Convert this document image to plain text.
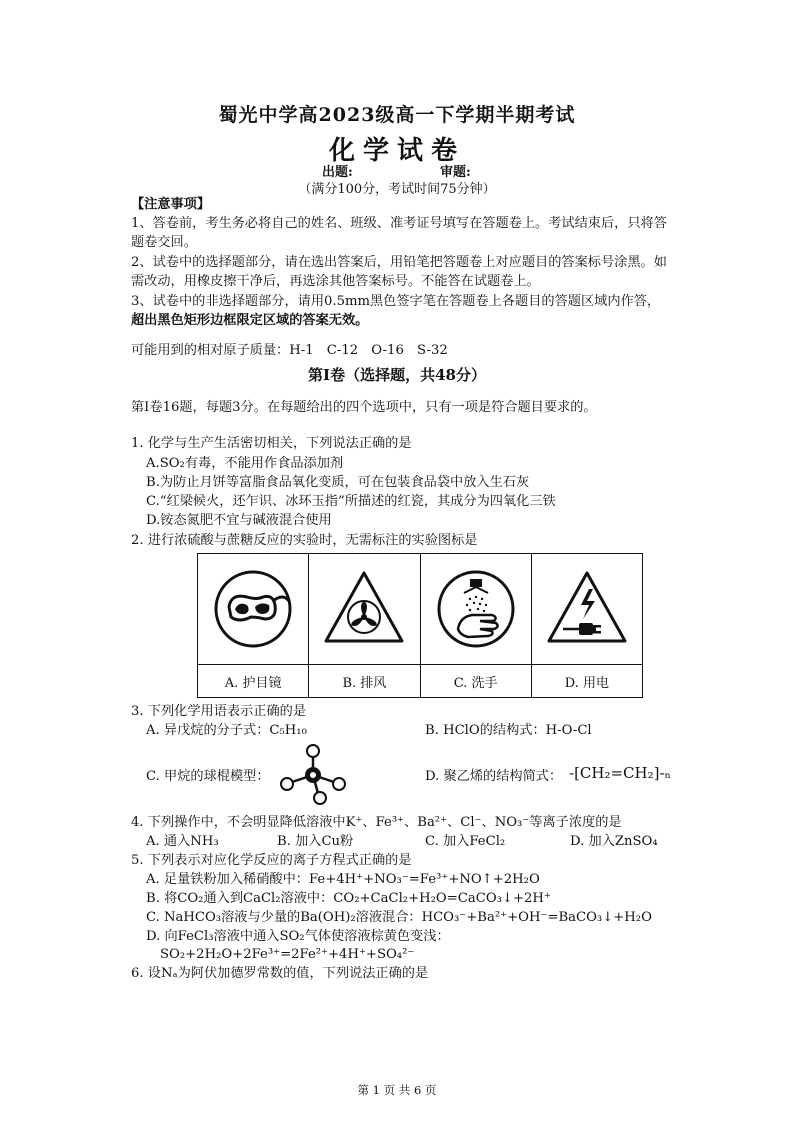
蜀光中学高2023级高一下学期半期考试
化学试卷
出题:	审题:
（满分100分，考试时间75分钟）
【注意事项】
1、答卷前，考生务必将自己的姓名、班级、准考证号填写在答题卷上。考试结束后，只将答
题卷交回。
2、试卷中的选择题部分，请在选出答案后，用铅笔把答题卷上对应题目的答案标号涂黑。如
需改动，用橡皮擦干净后，再选涂其他答案标号。不能答在试题卷上。
3、试卷中的非选择题部分，请用0.5mm黑色签字笔在答题卷上各题目的答题区域内作答，
超出黑色矩形边框限定区域的答案无效。
可能用到的相对原子质量：H-1　C-12　O-16　S-32
第Ⅰ卷（选择题，共48分）
第Ⅰ卷16题，每题3分。在每题给出的四个选项中，只有一项是符合题目要求的。
1. 化学与生产生活密切相关，下列说法正确的是
A.SO₂有毒，不能用作食品添加剂
B.为防止月饼等富脂食品氧化变质，可在包装食品袋中放入生石灰
C.“红梁候火，还乍识、冰环玉指”所描述的红瓷，其成分为四氧化三铁
D.铵态氮肥不宜与碱液混合使用
2. 进行浓硫酸与蔗糖反应的实验时，无需标注的实验图标是
A. 护目镜	B. 排风	C. 洗手	D. 用电
3. 下列化学用语表示正确的是
A. 异戊烷的分子式：C₅H₁₀	B. HClO的结构式：H-O-Cl
C. 甲烷的球棍模型：	D. 聚乙烯的结构简式： -[CH₂=CH₂]-ₙ
4. 下列操作中，不会明显降低溶液中K⁺、Fe³⁺、Ba²⁺、Cl⁻、NO₃⁻等离子浓度的是
A. 通入NH₃	B. 加入Cu粉	C. 加入FeCl₂	D. 加入ZnSO₄
5. 下列表示对应化学反应的离子方程式正确的是
A. 足量铁粉加入稀硝酸中：Fe+4H⁺+NO₃⁻=Fe³⁺+NO↑+2H₂O
B. 将CO₂通入到CaCl₂溶液中：CO₂+CaCl₂+H₂O=CaCO₃↓+2H⁺
C. NaHCO₃溶液与少量的Ba(OH)₂溶液混合：HCO₃⁻+Ba²⁺+OH⁻=BaCO₃↓+H₂O
D. 向FeCl₃溶液中通入SO₂气体使溶液棕黄色变浅：
SO₂+2H₂O+2Fe³⁺=2Fe²⁺+4H⁺+SO₄²⁻
6. 设Nₐ为阿伏加德罗常数的值，下列说法正确的是
第 1 页 共 6 页
